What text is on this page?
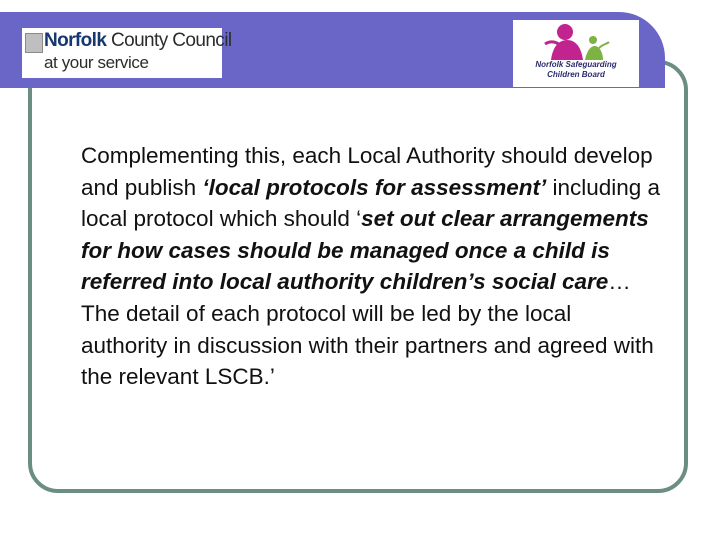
Norfolk County Council
at your service	Norfolk Safeguarding
Children Board

Complementing this, each Local Authority should develop and publish ‘local protocols for assessment’ including a local protocol which should ‘set out clear arrangements for how cases should be managed once a child is referred into local authority children’s social care…The detail of each protocol will be led by the local authority in discussion with their partners and agreed with the relevant LSCB.’
